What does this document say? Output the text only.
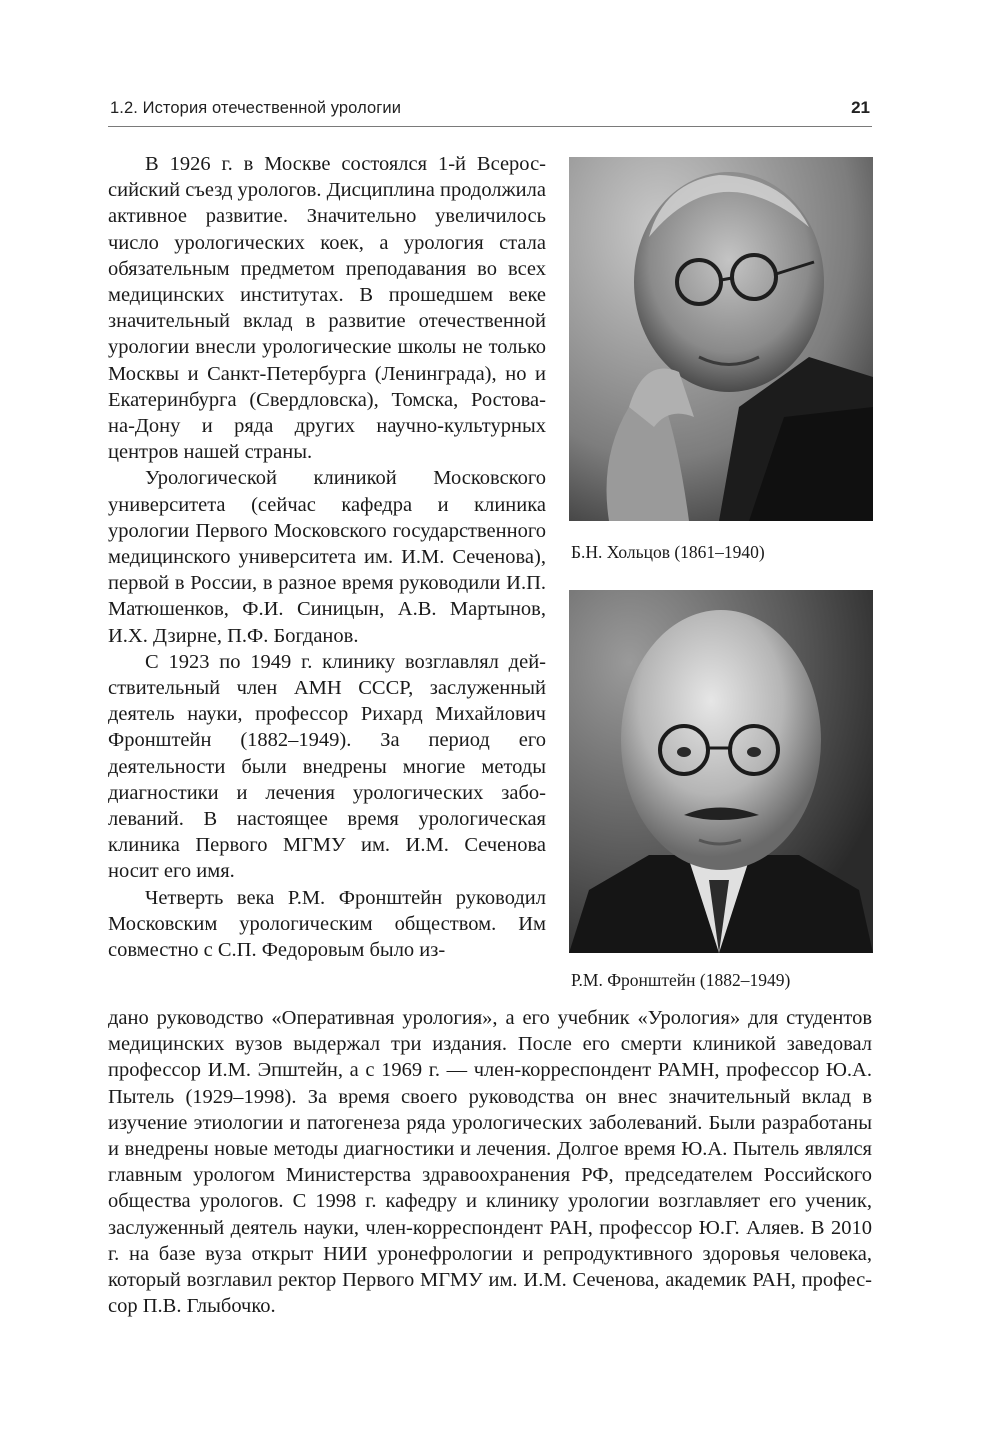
1.2. История отечественной урологии	21

В 1926 г. в Москве состоялся 1-й Всероссийский съезд урологов. Дисциплина продолжила активное развитие. Значительно увеличилось число урологических коек, а урология стала обязательным предметом преподавания во всех медицинских институтах. В прошедшем веке значительный вклад в развитие отечественной урологии внесли урологические школы не только Москвы и Санкт-Петербурга (Ленинграда), но и Екатеринбурга (Свердловска), Томска, Ростова-на-Дону и ряда других научно-культурных центров нашей страны.

Урологической клиникой Московского университета (сейчас кафедра и клиника урологии Первого Московского государственного медицинского университета им. И.М. Сеченова), первой в России, в разное время руководили И.П. Матюшенков, Ф.И. Синицын, А.В. Мартынов, И.Х. Дзирне, П.Ф. Богданов.

С 1923 по 1949 г. клинику возглавлял действительный член АМН СССР, заслуженный деятель науки, профессор Рихард Михайлович Фронштейн (1882–1949). За период его деятельности были внедрены многие методы диагностики и лечения урологических заболеваний. В настоящее время урологическая клиника Первого МГМУ им. И.М. Сеченова носит его имя.

Четверть века Р.М. Фронштейн руководил Московским урологическим обществом. Им совместно с С.П. Федоровым было из-

Б.Н. Хольцов (1861–1940)
Р.М. Фронштейн (1882–1949)

дано руководство «Оперативная урология», а его учебник «Урология» для студентов медицинских вузов выдержал три издания. После его смерти клиникой заведовал профессор И.М. Эпштейн, а с 1969 г. — член-корреспондент РАМН, профессор Ю.А. Пытель (1929–1998). За время своего руководства он внес значительный вклад в изучение этиологии и патогенеза ряда урологических заболеваний. Были разработаны и внедрены новые методы диагностики и лечения. Долгое время Ю.А. Пытель являлся главным урологом Министерства здравоохранения РФ, председателем Российского общества урологов. С 1998 г. кафедру и клинику урологии возглавляет его ученик, заслуженный деятель науки, член-корреспондент РАН, профессор Ю.Г. Аляев. В 2010 г. на базе вуза открыт НИИ уронефрологии и репродуктивного здоровья человека, который возглавил ректор Первого МГМУ им. И.М. Сеченова, академик РАН, профессор П.В. Глыбочко.
